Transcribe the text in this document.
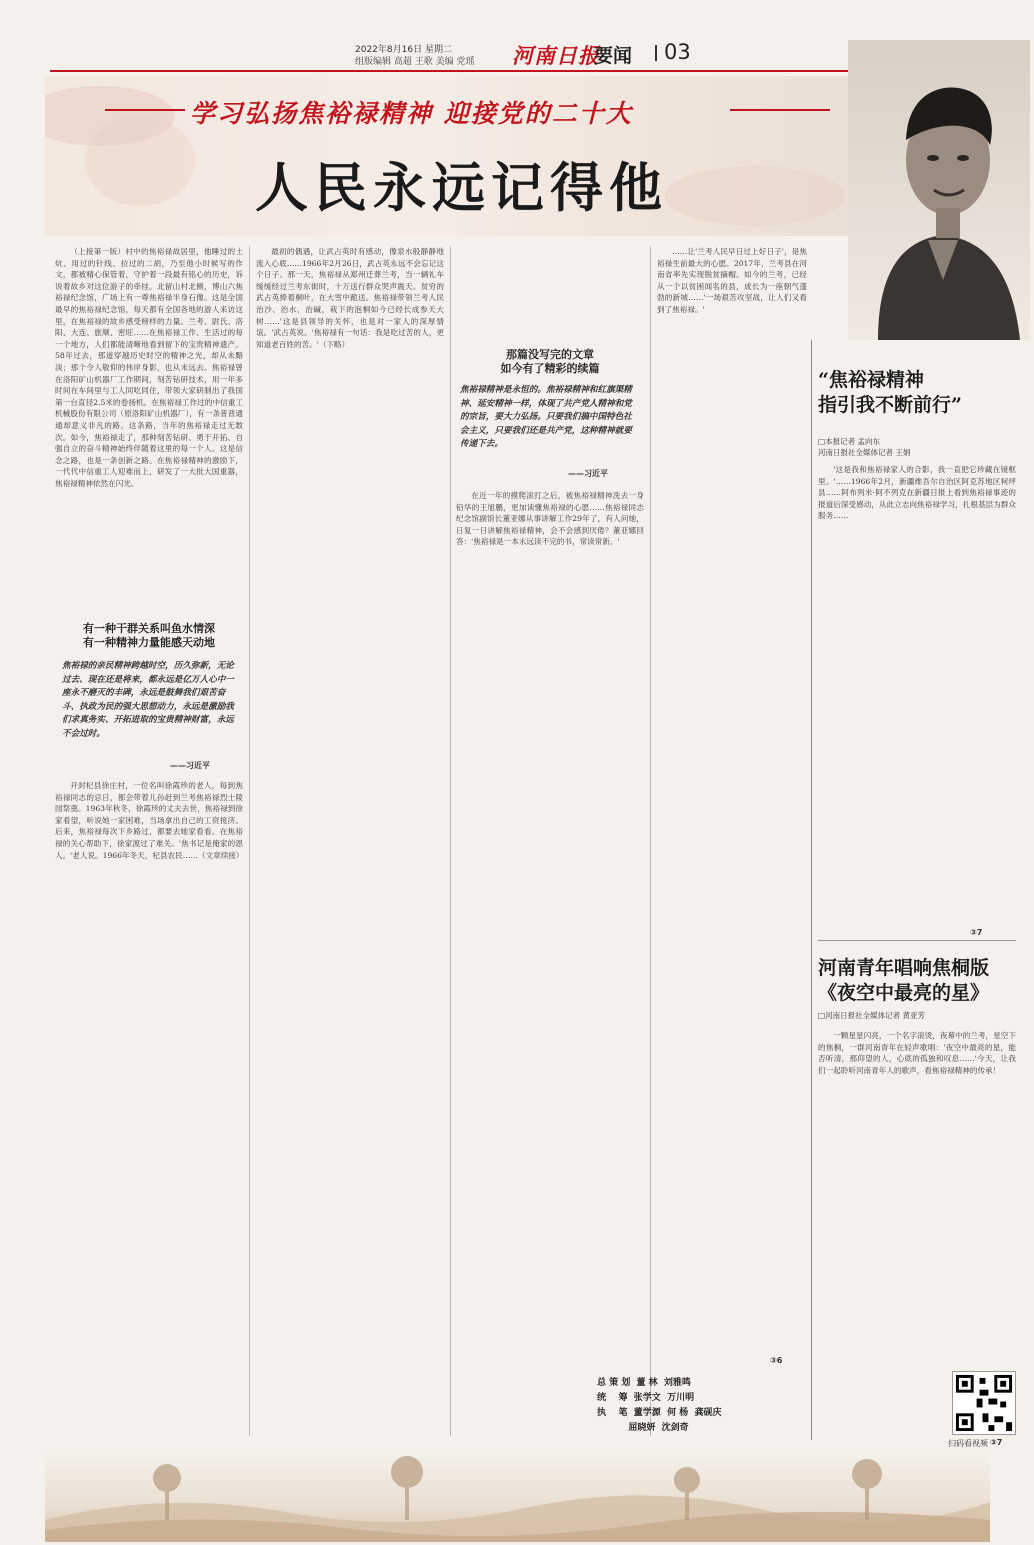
2022年8月16日 星期二
组版编辑 高超 王歌 美编 党瑶 河南日报
要闻 03
学习弘扬焦裕禄精神 迎接党的二十大
人民永远记得他

（上接第一版）村中的焦裕禄故居里，他睡过的土炕、用过的针线、拉过的二胡，乃至他小时候写的作文，都被精心保管着，守护着一段最有铭心的历史，诉说着故乡对这位游子的牵挂。北留山村北侧，博山六焦裕禄纪念馆，广场上有一尊焦裕禄半身石像。这是全国最早的焦裕禄纪念馆，每天都有全国各地的游人来访这里，在焦裕禄的故乡感受榜样的力量。兰考、尉氏、洛阳、大连、旅顺、密旺……在焦裕禄工作、生活过的每一个地方，人们都能清晰地看到留下的宝贵精神遗产。58年过去，那道穿越历史时空的精神之光，却从未黯淡；那个令人敬仰的伟岸身影，也从未远去。焦裕禄曾在洛阳矿山机器厂工作期间，刻苦钻研技术，用一年多时间在车间里与工人同吃同住，带领大家研制出了我国第一台直径2.5米的卷扬机。在焦裕禄工作过的中信重工机械股份有限公司（原洛阳矿山机器厂），有一条普普通通却意义非凡的路。这条路，当年的焦裕禄走过无数次。如今，焦裕禄走了，那种刻苦钻研、勇于开拓、自强自立的奋斗精神始终伴随着这里的每一个人。这是信念之路，也是一条创新之路。在焦裕禄精神的激励下，一代代中信重工人迎难而上，研发了一大批大国重器，焦裕禄精神依然在闪光。

有一种干群关系叫鱼水情深
有一种精神力量能感天动地
焦裕禄的亲民精神跨越时空，历久弥新，无论过去、现在还是将来，都永远是亿万人心中一座永不磨灭的丰碑，永远是鼓舞我们艰苦奋斗、执政为民的强大思想动力，永远是激励我们求真务实、开拓进取的宝贵精神财富，永远不会过时。
——习近平

开封杞县徐庄村，一位名叫徐霞珍的老人，每到焦裕禄同志的忌日，都会带着儿孙赶到兰考焦裕禄烈士陵园祭奠。1963年秋冬，徐霞珍的丈夫去世，焦裕禄到徐家看望，听说她一家困难，当场拿出自己的工资接济。后来，焦裕禄每次下乡路过，都要去她家看看。在焦裕禄的关心帮助下，徐家渡过了难关。'焦书记是俺家的恩人。'老人说。1966年冬天，杞县农民……（文章续接）

最初的偶遇，让武占英时有感动，像泉水般静静地流入心底……1966年2月26日，武占英永远不会忘记这个日子。那一天，焦裕禄从郑州迁葬兰考，当一辆礼车缓缓经过兰考东街时，十万送行群众哭声震天。贫穷的武占英捧着桐叶，在大雪中跪送。焦裕禄带领兰考人民治沙、治水、治碱，栽下的泡桐如今已经长成参天大树……'这是县领导的关怀，也是对一家人的深厚情谊。'武占英说。'焦裕禄有一句话：我是吃过苦的人，更知道老百姓的苦。'（下略）

那篇没写完的文章
如今有了精彩的续篇
焦裕禄精神是永恒的。焦裕禄精神和红旗渠精神、延安精神一样，体现了共产党人精神和党的宗旨，要大力弘扬。只要我们搞中国特色社会主义，只要我们还是共产党，这种精神就要传递下去。
——习近平

在近一年的摸爬滚打之后，被焦裕禄精神洗去一身铅华的王旭鹏，更加读懂焦裕禄的心愿……焦裕禄同志纪念馆副馆长董亚娜从事讲解工作29年了，有人问她，日复一日讲解焦裕禄精神，会不会感到厌倦？董亚娜回答：'焦裕禄是一本永远读不完的书，常读常新。'

……让'兰考人民早日过上好日子'，是焦裕禄生前最大的心愿。2017年，兰考县在河南省率先实现脱贫摘帽。如今的兰考，已经从一个以贫困闻名的县，成长为一座朝气蓬勃的新城……'一场艰苦攻坚战，让人们又看到了焦裕禄。'

③6
总 策 划  董 林  刘雅鸣
统    筹  张学文  万川明
执    笔  董学源  何 杨  龚砚庆
屈晓妍  沈剑奇
“焦裕禄精神
指引我不断前行”
□本报记者 孟向东
河南日报社全媒体记者 王娟

'这是我和焦裕禄家人的合影，我一直把它珍藏在镜框里。'……1966年2月，新疆维吾尔自治区阿克苏地区柯坪县……阿布列米·阿不列克在新疆日报上看到焦裕禄事迹的报道后深受感动，从此立志向焦裕禄学习，扎根基层为群众服务……

③7
河南青年唱响焦桐版
《夜空中最亮的星》
□河南日报社全媒体记者 黄亚芳

一颗星星闪亮，一个名字滚烫，夜幕中的兰考，星空下的焦桐，一群河南青年在轻声歌唱：'夜空中最亮的星，能否听清，那仰望的人，心底的孤独和叹息……'今天，让我们一起聆听河南青年人的歌声，看焦裕禄精神的传承！

扫码看视频 ③7
